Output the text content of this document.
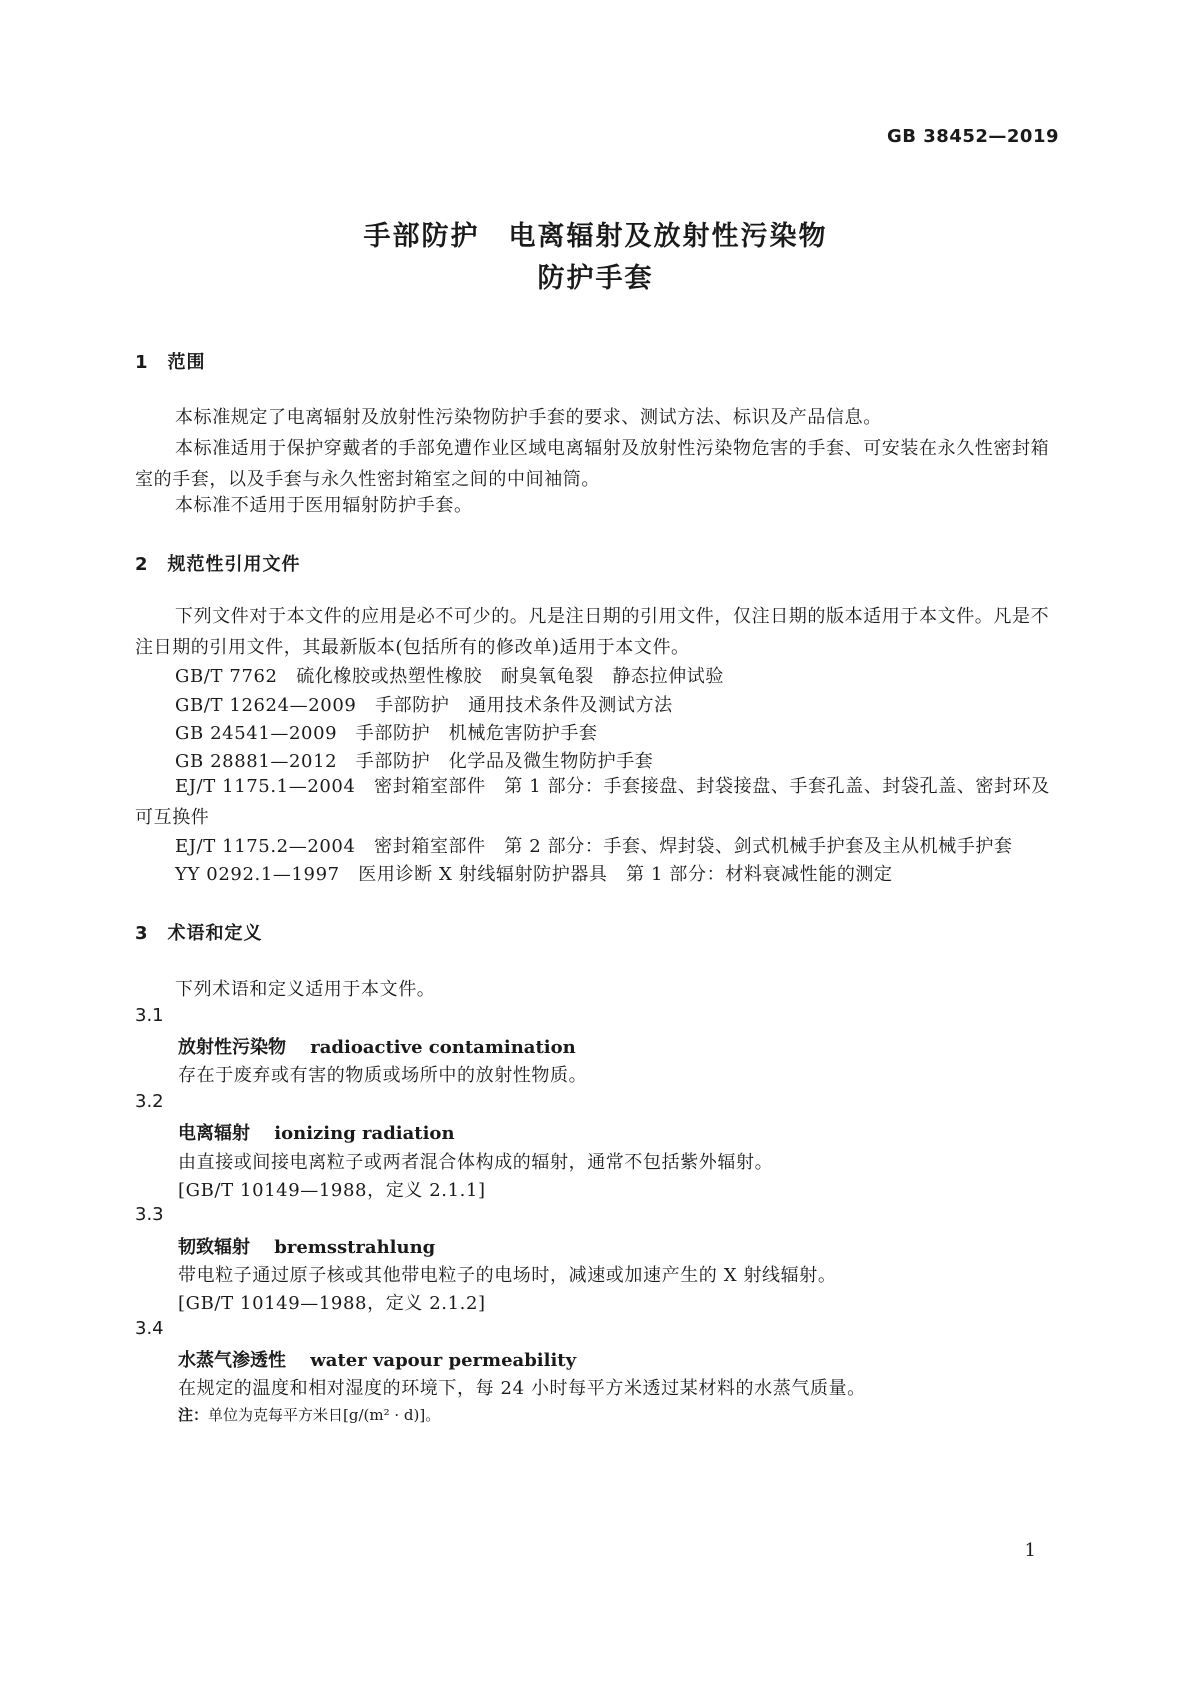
GB 38452—2019
手部防护　电离辐射及放射性污染物
防护手套
1　范围
本标准规定了电离辐射及放射性污染物防护手套的要求、测试方法、标识及产品信息。
本标准适用于保护穿戴者的手部免遭作业区域电离辐射及放射性污染物危害的手套、可安装在永久性密封箱室的手套，以及手套与永久性密封箱室之间的中间袖筒。
本标准不适用于医用辐射防护手套。
2　规范性引用文件
下列文件对于本文件的应用是必不可少的。凡是注日期的引用文件，仅注日期的版本适用于本文件。凡是不注日期的引用文件，其最新版本(包括所有的修改单)适用于本文件。
GB/T 7762　硫化橡胶或热塑性橡胶　耐臭氧龟裂　静态拉伸试验
GB/T 12624—2009　手部防护　通用技术条件及测试方法
GB 24541—2009　手部防护　机械危害防护手套
GB 28881—2012　手部防护　化学品及微生物防护手套
EJ/T 1175.1—2004　密封箱室部件　第 1 部分：手套接盘、封袋接盘、手套孔盖、封袋孔盖、密封环及可互换件
EJ/T 1175.2—2004　密封箱室部件　第 2 部分：手套、焊封袋、剑式机械手护套及主从机械手护套
YY 0292.1—1997　医用诊断 X 射线辐射防护器具　第 1 部分：材料衰减性能的测定
3　术语和定义
下列术语和定义适用于本文件。
3.1
放射性污染物　 radioactive contamination
存在于废弃或有害的物质或场所中的放射性物质。
3.2
电离辐射　 ionizing radiation
由直接或间接电离粒子或两者混合体构成的辐射，通常不包括紫外辐射。
[GB/T 10149—1988，定义 2.1.1]
3.3
韧致辐射　 bremsstrahlung
带电粒子通过原子核或其他带电粒子的电场时，减速或加速产生的 X 射线辐射。
[GB/T 10149—1988，定义 2.1.2]
3.4
水蒸气渗透性　 water vapour permeability
在规定的温度和相对湿度的环境下，每 24 小时每平方米透过某材料的水蒸气质量。
注：单位为克每平方米日[g/(m² · d)]。
1
